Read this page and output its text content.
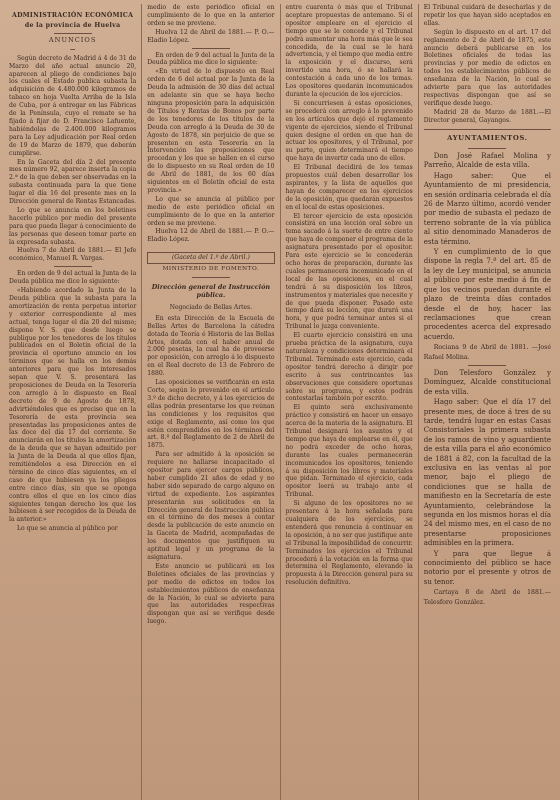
ADMINISTRACIÓN ECONÓMICA
de la provincia de Huelva
ANUNCIOS
~

Según decreto de Madrid á 4 de 31 de Marzo del año actual anuncio 20, aparecen al pliego de condiciones bajo los cuales el Estado publica subasta la adquisición de 4.480.000 kilogramos de tabaco en hoja Vuelta Arriba de la Isla de Cuba, por á entregar en las Fábricas de la Península, cuyo el remate se ha fijado á fijar de D. Francisco Lafuente, habiéndolas de 2.400.000 kilogramos para la Ley adjudicación por Real orden de 19 de Marzo de 1879, que deberán cumplirse.

En la Gaceta del día 2 del presente mes número 92, aparece inserta la copia 2.ª de la que deben ser observadas en la subasta continuada para la que tiene lugar el día 16 del presente mes en la Dirección general de Rentas Estancadas.

Lo que se anuncia en los boletines hacerlo público por medio del presente para que pueda llegar á conocimiento de las personas que deseen tomar parte en la expresada subasta.

Huelva 7 de Abril de 1881.— El Jefe económico, Manuel R. Vargas.

En orden de 9 del actual la Junta de la Deuda pública me dice lo siguiente:

«Habiendo acordado la Junta de la Deuda pública que la subasta para la amortización de renta perpetua interior y exterior correspondiente al mes actual, tenga lugar el día 20 del mismo; dispone V. S. que desde luego se publique por los tenedores de los títulos publicados en el Boletín oficial de la provincia el oportuno anuncio en los términos que se halla en los demás anteriores para que los interesados sepan que V. S. presentará las proposiciones de Deuda en la Tesorería con arreglo á lo dispuesto en Real decreto de 9 de Agosto de 1878, advirtiéndoles que es preciso que en la Tesorería de esta provincia sea presentadas las proposiciones antes de las doce del día 17 del corriente. Se anunciarán en los títulos la amortización de la deuda que se hayan admitido por la Junta de la Deuda al que ellos fijan, remitiéndolos a esa Dirección en el término de cinco días siguientes, en el caso de que hubiesen ya los pliegos entre cinco días, sin que se oponga contra ellos el que en los cinco días siguientes tengan derecho los que los hubiesen á ser recogidos de la Deuda de la anterior.»

Lo que se anuncia al público por

medio de este periódico oficial en cumplimiento de lo que en la anterior orden se me previene.

Huelva 12 de Abril de 1881.— P. O.— Eladio López.

En orden de 9 del actual la Junta de la Deuda pública me dice lo siguiente:

«En virtud de lo dispuesto en Real orden de 6 del actual por la Junta de la Deuda la admisión de 30 días del actual en adelante sin que se haya hecho ninguna proposición para la adquisición de Títulos y Rentas de Bonos por parte de los tenedores de los títulos de la Deuda con arreglo á la Deuda de 30 de Agosto de 1878, sin perjuicio de que se presenten en esta Tesorería en la Intervención las proposiciones que procedan y los que se hallen en el curso de lo dispuesto en su Real orden de 10 de Abril de 1881, de los 60 días siguientes en el Boletín oficial de esta provincia.»

Lo que se anuncia al público por medio de este periódico oficial en cumplimiento de lo que en la anterior orden se me previene.

Huelva 12 de Abril de 1881.— P. O.— Eladio López.

(Gaceta del 1.º de Abril.)
MINISTERIO DE FOMENTO.
Dirección general de Instrucción pública.
Negociado de Bellas Artes.

En esta Dirección de la Escuela de Bellas Artes de Barcelona la cátedra dotada de Teoría é Historia de las Bellas Artes, dotada con el haber anual de 2.000 pesetas, la cual ha de proveerse por oposición, con arreglo á lo dispuesto en el Real decreto de 13 de Febrero de 1880.

Las oposiciones se verificarán en esta Corte, según lo prevenido en el artículo 3.º de dicho decreto, y á los ejercicios de ellas podrán presentarse los que reúnan las condiciones y los requisitos que exige el Reglamento, así como los que estén comprendidos en los términos del art. 8.º del Reglamento de 2 de Abril de 1875.

Para ser admitido á la oposición se requiere no hallarse incapacitado el opositor para ejercer cargos públicos, haber cumplido 21 años de edad y no haber sido separado de cargo alguno en virtud de expediente. Los aspirantes presentarán sus solicitudes en la Dirección general de Instrucción pública en el término de dos meses á contar desde la publicación de este anuncio en la Gaceta de Madrid, acompañadas de los documentos que justifiquen su aptitud legal y un programa de la asignatura.

Este anuncio se publicará en los Boletines oficiales de las provincias y por medio de edictos en todos los establecimientos públicos de enseñanza de la Nación, lo cual se advierte para que las autoridades respectivas dispongan que así se verifique desde luego.

entre cuarenta ó más que el Tribunal aceptare propuestas de antemano. Si el opositor empleare en el ejercicio el tiempo que se le concede y el Tribunal podrá aumentar una hora más que le sea concedida, de la cual se le hará advertencia, y el tiempo que media entre la exposición y el discurso, será invertido una hora, ó se hallará la contestación á cada uno de los temas. Los opositores quedarán incomunicados durante la ejecución de los ejercicios.

Si concurriesen á estas oposiciones, se procederá con arreglo á lo prevenido en los artículos que dejó el reglamento vigente de ejercicios, siendo el Tribunal quien designe el orden en que han de actuar los opositores, y el Tribunal, por su parte, quien determinará el tiempo que haya de invertir cada uno de ellos.

El Tribunal decidirá de los temas propuestos cuál deben desarrollar los aspirantes, y la lista de aquellos que hayan de comparecer en los ejercicios de la oposición, que quedarán expuestos en el local de estas oposiciones.

El tercer ejercicio de esta oposición consistirá en una lección oral sobre un tema sacado á la suerte de entre ciento que haya de componer el programa de la asignatura presentado por el opositor. Para este ejercicio se le concederán ocho horas de preparación, durante las cuales permanecerá incomunicado en el local de las oposiciones, en el cual tendrá á su disposición los libros, instrumentos y materiales que necesite y de que pueda disponer. Pasado este tiempo dará su lección, que durará una hora, y que podrá terminar antes si el Tribunal lo juzga conveniente.

El cuarto ejercicio consistirá en una prueba práctica de la asignatura, cuya naturaleza y condiciones determinará el Tribunal. Terminado este ejercicio, cada opositor tendrá derecho á dirigir por escrito á sus contrincantes las observaciones que considere oportunas sobre su programa, y estos podrán contestarlas también por escrito.

El quinto será exclusivamente práctico y consistirá en hacer un ensayo acerca de la materia de la asignatura. El Tribunal designará los asuntos y el tiempo que haya de emplearse en él, que no podrá exceder de ocho horas, durante las cuales permanecerán incomunicados los opositores, teniendo á su disposición los libros y materiales que pidan. Terminado el ejercicio, cada opositor leerá su trabajo ante el Tribunal.

Si alguno de los opositores no se presentare á la hora señalada para cualquiera de los ejercicios, se entenderá que renuncia á continuar en la oposición, á no ser que justifique ante el Tribunal la imposibilidad de concurrir. Terminados los ejercicios el Tribunal procederá á la votación en la forma que determina el Reglamento, elevando la propuesta á la Dirección general para su resolución definitiva.

El Tribunal cuidará de desecharlas y de repetir los que hayan sido aceptados en ellas.

Según lo dispuesto en el art. 17 del reglamento de 2 de Abril de 1875, este anuncio deberá publicarse en los Boletines oficiales de todas las provincias y por medio de edictos en todos los establecimientos públicos de enseñanza de la Nación, lo cual se advierte para que las autoridades respectivas dispongan que así se verifique desde luego.

Madrid 28 de Marzo de 1881.—El Director general, Gayangos.

AYUNTAMIENTOS.

Don José Rafael Molina y Parreño, Alcalde de esta villa.

Hago saber: Que el Ayuntamiento de mi presidencia, en sesión ordinaria celebrada el día 26 de Marzo último, acordó vender por medio de subasta el pedazo de terreno sobrante de la vía pública al sitio denominado Manaderos de esta término.

Y en cumplimiento de lo que dispone la regla 7.ª del art. 85 de la ley de Ley municipal, se anuncia al público por este medio á fin de que los vecinos puedan durante el plazo de treinta días contados desde el de hoy, hacer las reclamaciones que crean procedentes acerca del expresado acuerdo.

Rociana 9 de Abril de 1881. —José Rafael Molina.

Don Telesforo González y Domínguez, Alcalde constitucional de esta villa.

Hago saber: Que el día 17 del presente mes, de doce á tres de su tarde, tendrá lugar en estas Casas Consistoriales la primera subasta de los ramos de vino y aguardiente de esta villa para el año económico de 1881 á 82, con la facultad de la exclusiva en las ventas al por menor, bajo el pliego de condiciones que se halla de manifiesto en la Secretaría de este Ayuntamiento, celebrándose la segunda en los mismos horas el día 24 del mismo mes, en el caso de no presentarse proposiciones admisibles en la primera.

Y para que llegue á conocimiento del público se hace notorio por el presente y otros de su tenor.

Cartaya 8 de Abril de 1881.—Telesforo González.
